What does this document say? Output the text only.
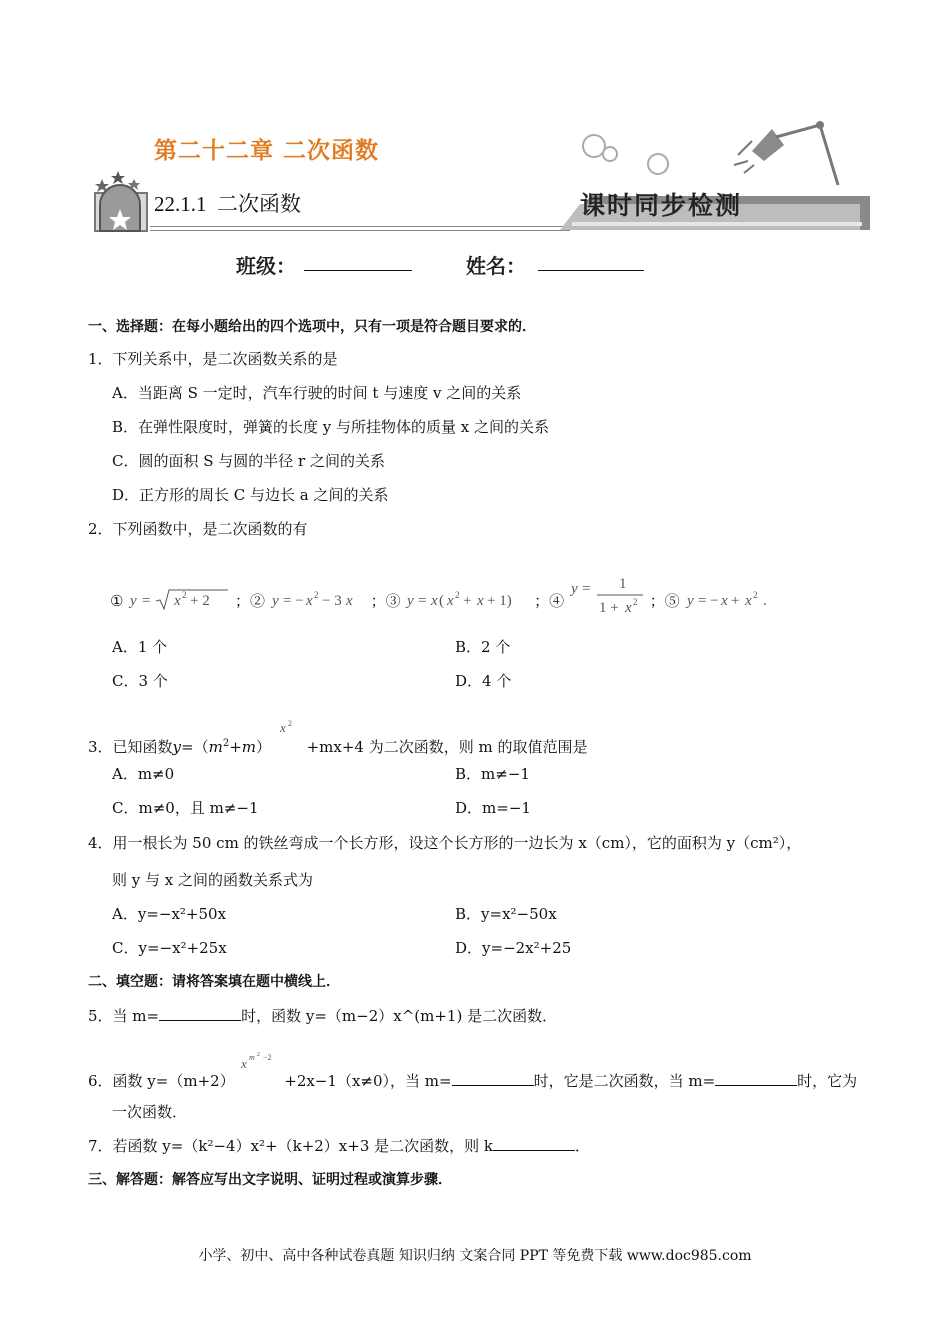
第二十二章 二次函数
22.1.1  二次函数	课时同步检测
班级：	姓名：
一、选择题：在每小题给出的四个选项中，只有一项是符合题目要求的．
1．下列关系中，是二次函数关系的是
A．当距离 S 一定时，汽车行驶的时间 t 与速度 v 之间的关系
B．在弹性限度时，弹簧的长度 y 与所挂物体的质量 x 之间的关系
C．圆的面积 S 与圆的半径 r 之间的关系
D．正方形的周长 C 与边长 a 之间的关系
2．下列函数中，是二次函数的有
① y = x 2 + 2 ；② y = − x 2 − 3 x ；③ y = x ( x 2 + x + 1) ；④
y = 1
1 + x 2 ；⑤ y = − x + x 2 .
A．1 个	B．2 个
C．3 个	D．4 个
3．已知函数$y=(m^2+m)$
x 2
+mx+4 为二次函数，则 m 的取值范围是
A．m≠0	B．m≠−1
C．m≠0，且 m≠−1	D．m=−1
4．用一根长为 50 cm 的铁丝弯成一个长方形，设这个长方形的一边长为 x（cm），它的面积为 y（cm²），
则 y 与 x 之间的函数关系式为
A．y=−x²+50x	B．y=x²−50x
C．y=−x²+25x	D．y=−2x²+25
二、填空题：请将答案填在题中横线上．
5．当 m=	时，函数 y=（m−2）x^(m+1) 是二次函数．
6．函数 y=（m+2）
x m 2 −2
+2x−1（x≠0），当 m=	时，它是二次函数，当 m=	时，它为
一次函数．
7．若函数 y=（k²−4）x²+（k+2）x+3 是二次函数，则 k	．
三、解答题：解答应写出文字说明、证明过程或演算步骤．
小学、初中、高中各种试卷真题 知识归纳 文案合同 PPT 等免费下载 www.doc985.com
